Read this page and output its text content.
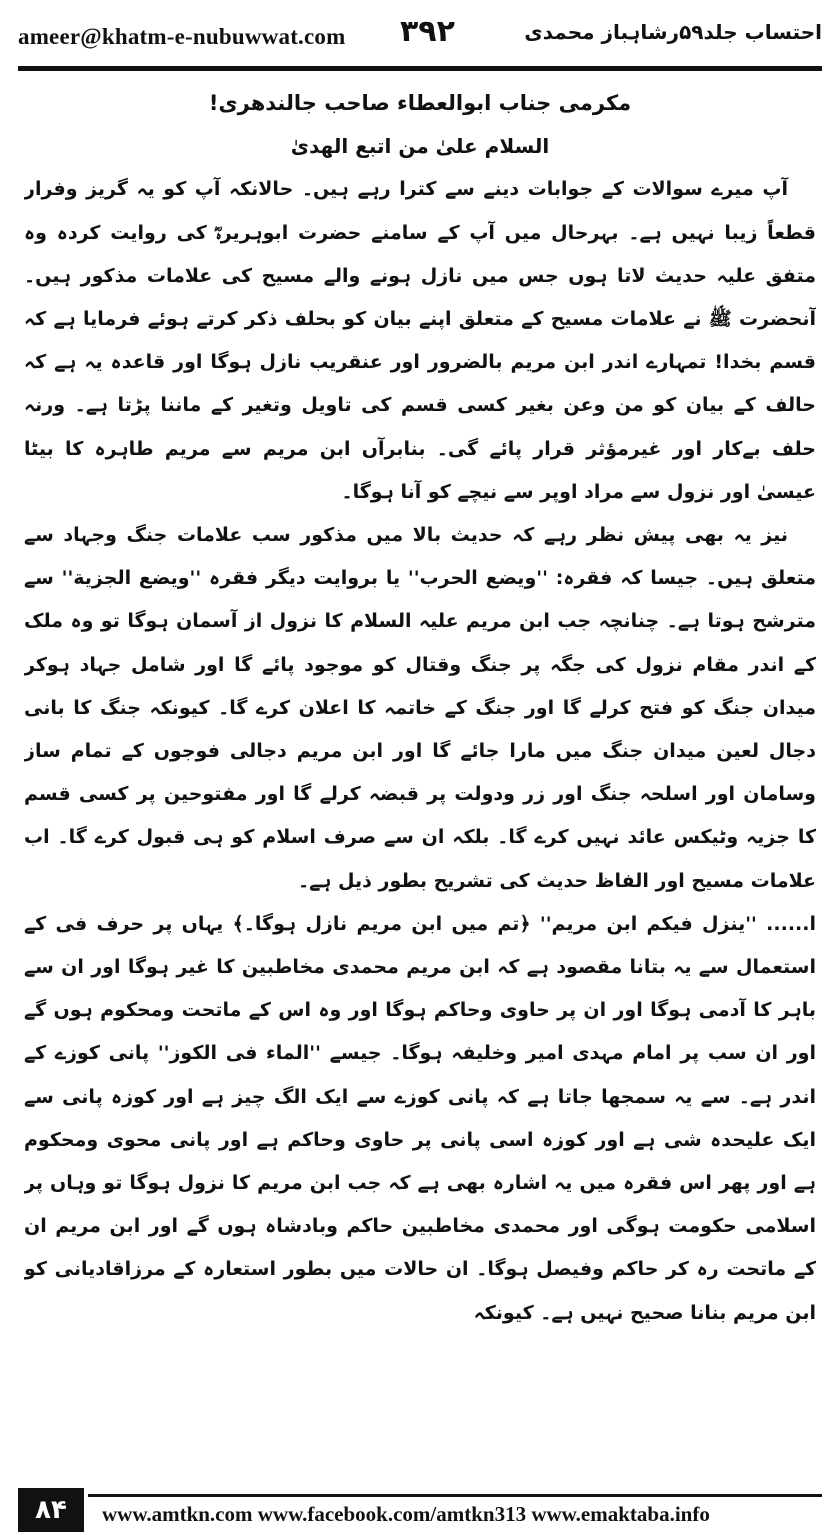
ameer@khatm-e-nubuwwat.com ۳۹۲	احتساب جلد۵۹رشاہباز محمدی

مکرمی جناب ابوالعطاء صاحب جالندھری!

السلام علیٰ من اتبع الهدیٰ

آپ میرے سوالات کے جوابات دینے سے کترا رہے ہیں۔ حالانکہ آپ کو یہ گریز وفرار قطعاً زیبا نہیں ہے۔ بہرحال میں آپ کے سامنے حضرت ابوہریرہؓ کی روایت کردہ وہ متفق علیہ حدیث لاتا ہوں جس میں نازل ہونے والے مسیح کی علامات مذکور ہیں۔ آنحضرت ﷺ نے علامات مسیح کے متعلق اپنے بیان کو بحلف ذکر کرتے ہوئے فرمایا ہے کہ قسم بخدا! تمہارے اندر ابن مریم بالضرور اور عنقریب نازل ہوگا اور قاعدہ یہ ہے کہ حالف کے بیان کو من وعن بغیر کسی قسم کی تاویل وتغیر کے ماننا پڑتا ہے۔ ورنہ حلف بےکار اور غیرمؤثر قرار پائے گی۔ بنابرآں ابن مریم سے مریم طاہرہ کا بیٹا عیسیٰ اور نزول سے مراد اوپر سے نیچے کو آنا ہوگا۔

نیز یہ بھی پیش نظر رہے کہ حدیث بالا میں مذکور سب علامات جنگ وجہاد سے متعلق ہیں۔ جیسا کہ فقرہ: ''ويضع الحرب'' یا بروایت دیگر فقرہ ''ويضع الجزية'' سے مترشح ہوتا ہے۔ چنانچہ جب ابن مریم علیہ السلام کا نزول از آسمان ہوگا تو وہ ملک کے اندر مقام نزول کی جگہ پر جنگ وقتال کو موجود پائے گا اور شامل جہاد ہوکر میدان جنگ کو فتح کرلے گا اور جنگ کے خاتمہ کا اعلان کرے گا۔ کیونکہ جنگ کا بانی دجال لعین میدان جنگ میں مارا جائے گا اور ابن مریم دجالی فوجوں کے تمام ساز وسامان اور اسلحہ جنگ اور زر ودولت پر قبضہ کرلے گا اور مفتوحین پر کسی قسم کا جزیہ وٹیکس عائد نہیں کرے گا۔ بلکہ ان سے صرف اسلام کو ہی قبول کرے گا۔ اب علامات مسیح اور الفاظ حدیث کی تشریح بطور ذیل ہے۔

ا...... ''ينزل فيكم ابن مريم'' ﴿تم میں ابن مریم نازل ہوگا۔﴾ یہاں پر حرف فی کے استعمال سے یہ بتانا مقصود ہے کہ ابن مریم محمدی مخاطبین کا غیر ہوگا اور ان سے باہر کا آدمی ہوگا اور ان پر حاوی وحاکم ہوگا اور وہ اس کے ماتحت ومحکوم ہوں گے اور ان سب پر امام مہدی امیر وخلیفہ ہوگا۔ جیسے ''الماء فى الكوز'' پانی کوزے کے اندر ہے۔ سے یہ سمجھا جاتا ہے کہ پانی کوزے سے ایک الگ چیز ہے اور کوزہ پانی سے ایک علیحدہ شی ہے اور کوزہ اسی پانی پر حاوی وحاکم ہے اور پانی محوی ومحکوم ہے اور پھر اس فقرہ میں یہ اشارہ بھی ہے کہ جب ابن مریم کا نزول ہوگا تو وہاں پر اسلامی حکومت ہوگی اور محمدی مخاطبین حاکم وبادشاہ ہوں گے اور ابن مریم ان کے ماتحت رہ کر حاکم وفیصل ہوگا۔ ان حالات میں بطور استعارہ کے مرزاقادیانی کو ابن مریم بنانا صحیح نہیں ہے۔ کیونکہ

۸۴	www.amtkn.com www.facebook.com/amtkn313 www.emaktaba.info
